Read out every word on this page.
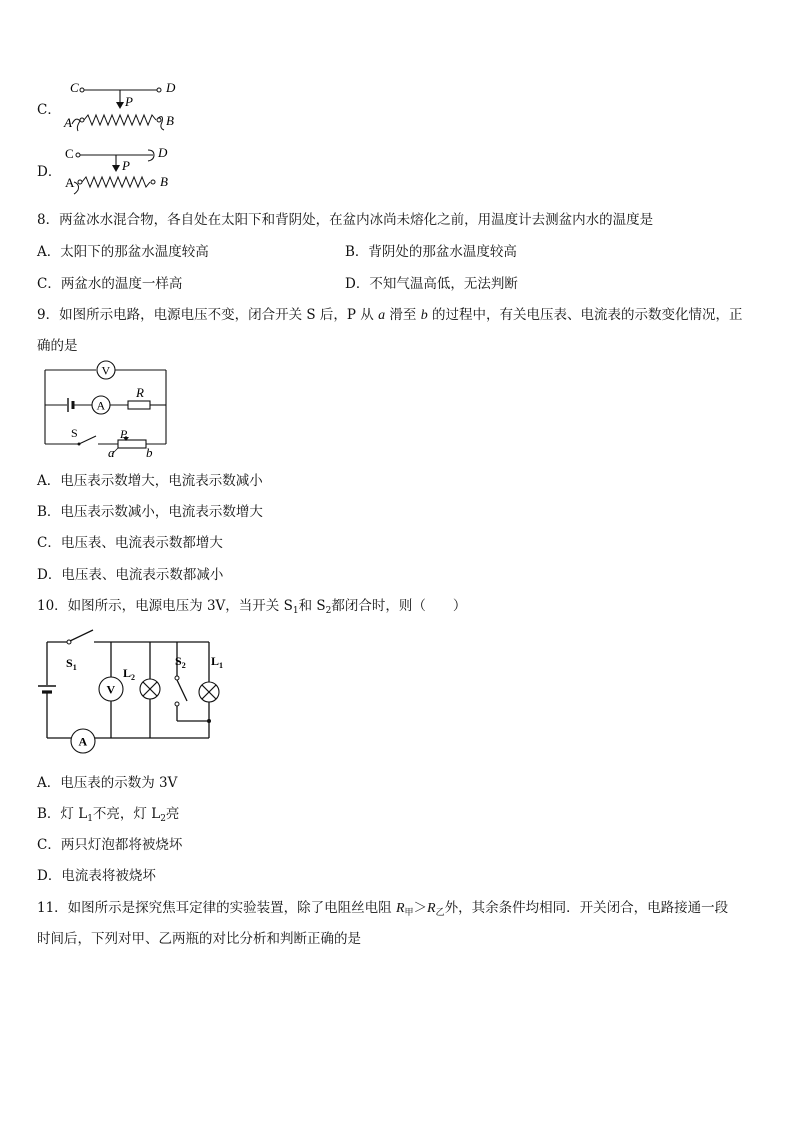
C．
C	D
P
A	B
D．
C	D
P
A	B
8．两盆冰水混合物，各自处在太阳下和背阴处，在盆内冰尚未熔化之前，用温度计去测盆内水的温度是
A．太阳下的那盆水温度较高	B．背阴处的那盆水温度较高
C．两盆水的温度一样高	D．不知气温高低，无法判断
9．如图所示电路，电源电压不变，闭合开关 S 后，P 从 a 滑至 b 的过程中，有关电压表、电流表的示数变化情况，正
确的是
V
A
R
S	P
a b
A．电压表示数增大，电流表示数减小
B．电压表示数减小，电流表示数增大
C．电压表、电流表示数都增大
D．电压表、电流表示数都减小
10．如图所示，电源电压为 3V，当开关 $S_1$和 $S_2$都闭合时，则（　　）
$S_1$
A
V
$L_2$
$S_2$ $L_1$
A．电压表的示数为 3V
B．灯 $L_1$不亮，灯 $L_2$亮
C．两只灯泡都将被烧坏
D．电流表将被烧坏
11．如图所示是探究焦耳定律的实验装置，除了电阻丝电阻 $R_甲>R_乙$外，其余条件均相同．开关闭合，电路接通一段
时间后，下列对甲、乙两瓶的对比分析和判断正确的是
